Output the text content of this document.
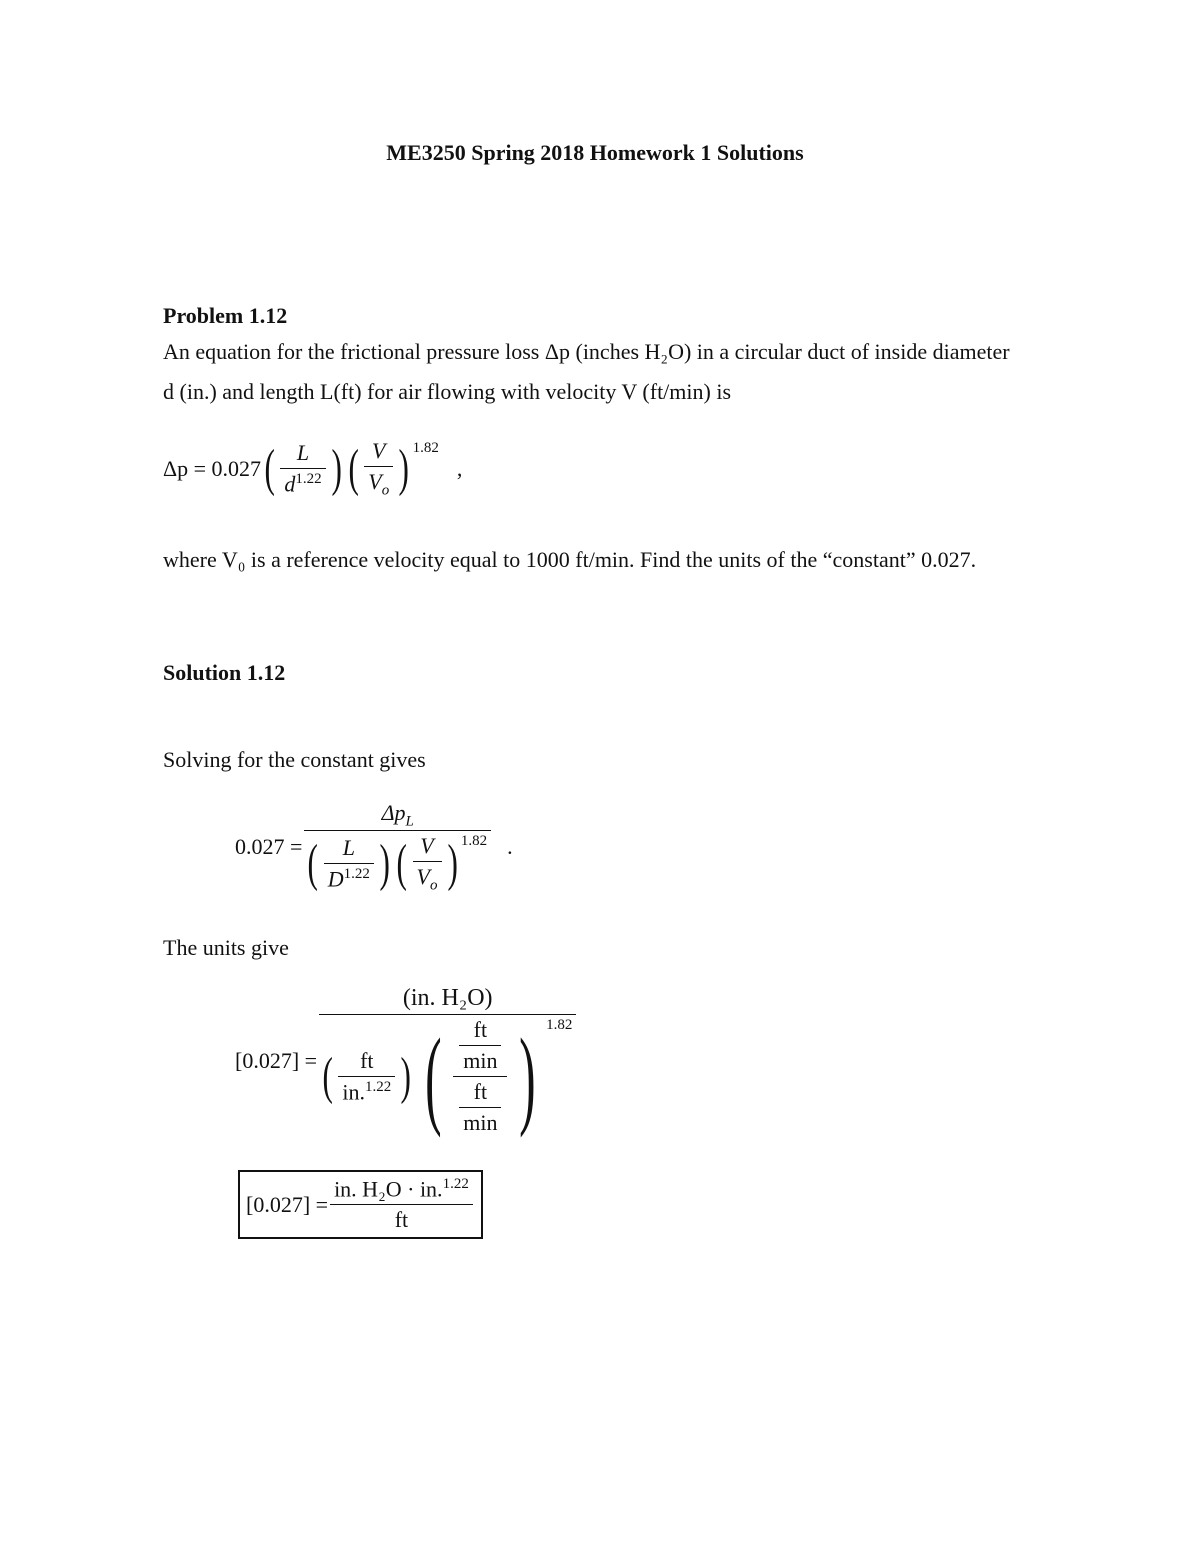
ME3250 Spring 2018 Homework 1 Solutions
Problem 1.12
An equation for the frictional pressure loss Δp (inches H₂O) in a circular duct of inside diameter
d (in.) and length L(ft) for air flowing with velocity V (ft/min) is
Δp = 0.027 ( $\frac{L}{d^{1.22}}$ ) ( $\frac{V}{V_o} )^{1.82}$
,
where V₀ is a reference velocity equal to 1000 ft/min. Find the units of the “constant” 0.027.
Solution 1.12
Solving for the constant gives
0.027 =
$\Delta p_L$
( $\frac{L}{D^{1.22}}$ ) ( $\frac{V}{V_o} )^{1.82}$ .
The units give
[0.027] =
(in. H₂O)
( $\frac{ft}{in.^{1.22}}$ ) ( $\frac{\frac{ft}{\min}}{\frac{ft}{\min}}$ ) $^{1.82}$
$[0.027] = \frac{in. H_2O \cdot in.^{1.22}}{ft}$
